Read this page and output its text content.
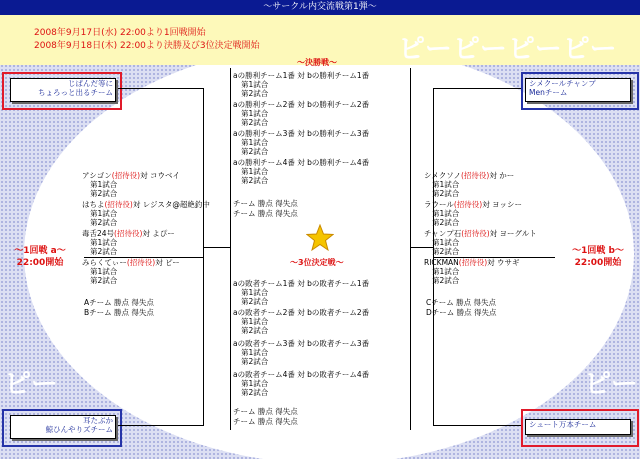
～サークル内交流戦第1弾～
2008年9月17日(水) 22:00より1回戦開始
2008年9月18日(木) 22:00より決勝及び3位決定戦開始	ピーピーピーピー
ピー	ピー
じぱんだ等に
ちょろっと出るチーム
耳たぶか
鯨ひんやりズチーム
シメクールチャンプ
Menチーム
シュート万本チーム
～1回戦 a～
22:00開始
～1回戦 b～
22:00開始
～決勝戦～
～3位決定戦～
アシゴン(招待役)対 コウベイ
第1試合
第2試合
はちよ(招待役)対 レジスタ@超絶釣中
第1試合
第2試合
毒舌24号(招待役)対 よぴー
第1試合
第2試合
みらくてぃー(招待役)対 ピー
第1試合
第2試合
Aチーム 勝点 得失点
Bチーム 勝点 得失点
シメクソノ(招待役)対 かー
第1試合
第2試合
ラウール(招待役)対 ヨッシー
第1試合
第2試合
チャンプ石(招待役)対 ヨーグルト
第1試合
第2試合
RICKMAN(招待役)対 ウサギ
第1試合
第2試合
Cチーム 勝点 得失点
Dチーム 勝点 得失点
aの勝利チーム1番 対 bの勝利チーム1番
第1試合
第2試合
aの勝利チーム2番 対 bの勝利チーム2番
第1試合
第2試合
aの勝利チーム3番 対 bの勝利チーム3番
第1試合
第2試合
aの勝利チーム4番 対 bの勝利チーム4番
第1試合
第2試合
チーム 勝点 得失点
チーム 勝点 得失点
aの敗者チーム1番 対 bの敗者チーム1番
第1試合
第2試合
aの敗者チーム2番 対 bの敗者チーム2番
第1試合
第2試合
aの敗者チーム3番 対 bの敗者チーム3番
第1試合
第2試合
aの敗者チーム4番 対 bの敗者チーム4番
第1試合
第2試合
チーム 勝点 得失点
チーム 勝点 得失点
